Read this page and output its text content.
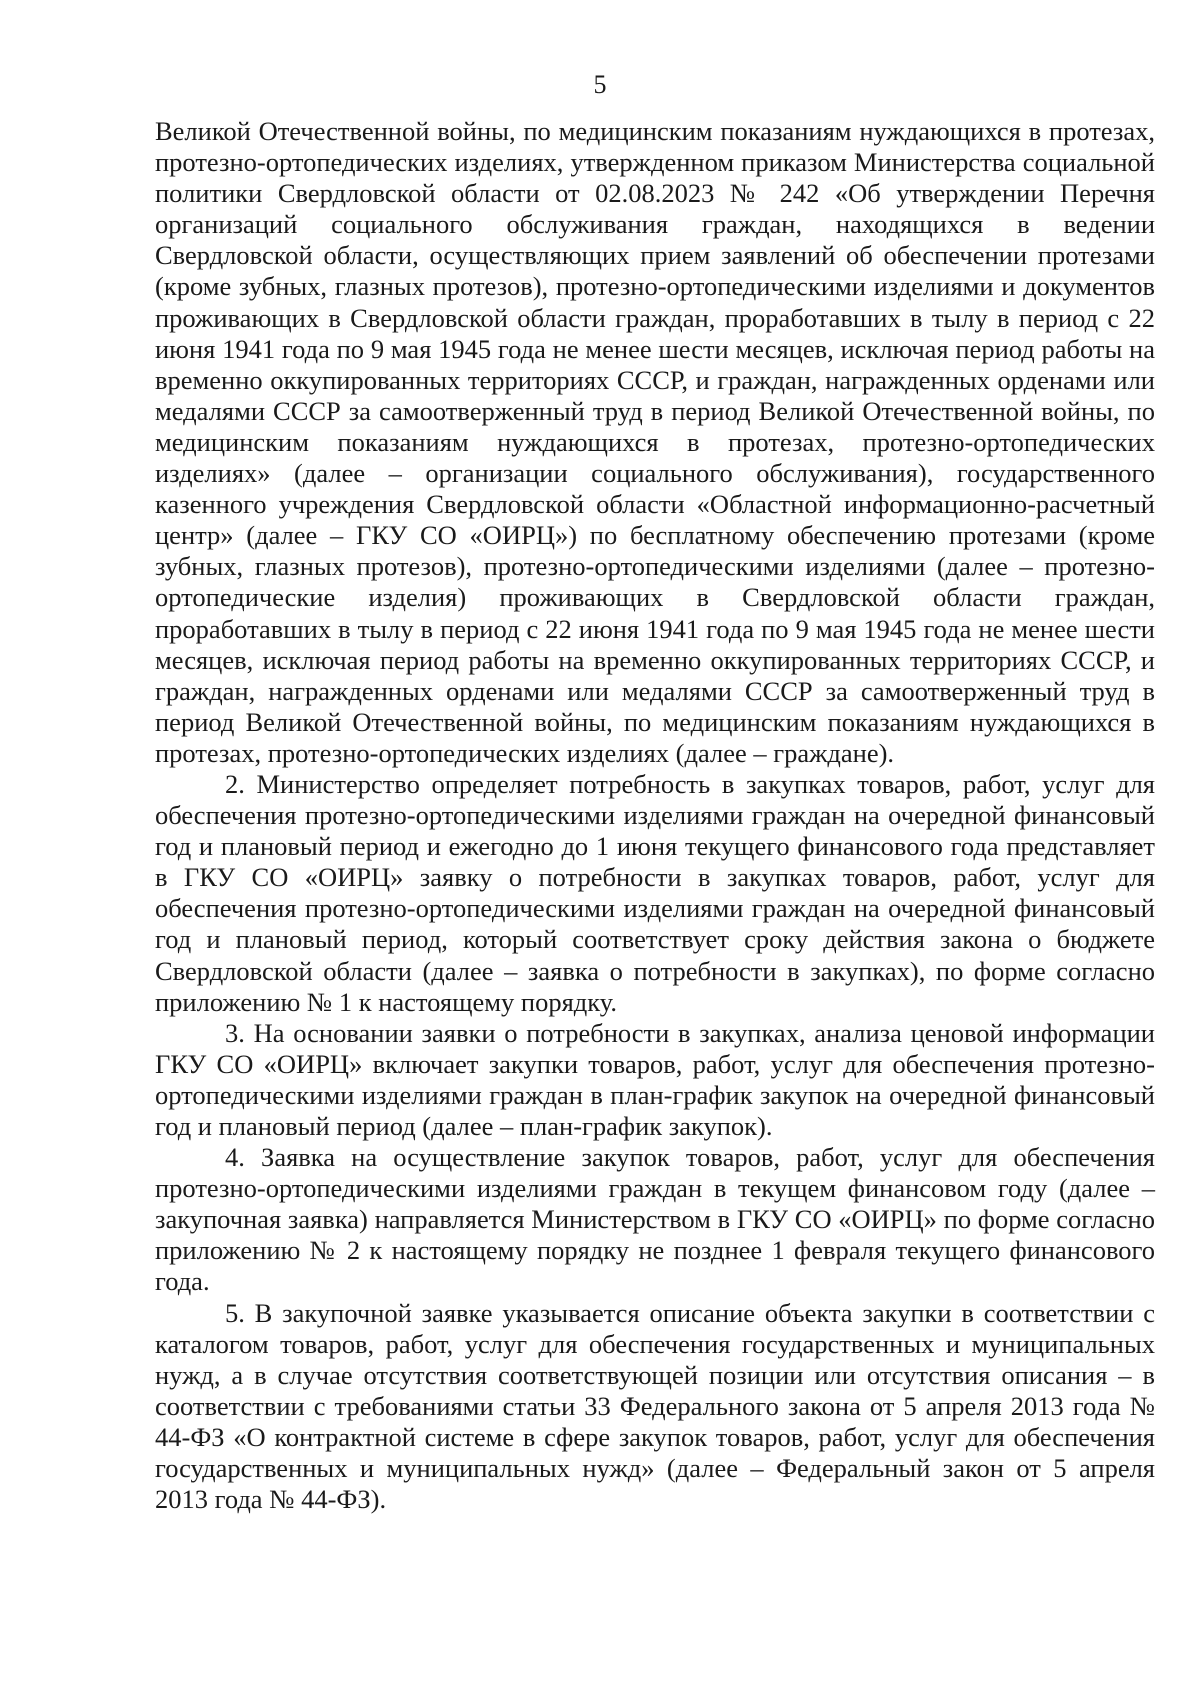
5

Великой Отечественной войны, по медицинским показаниям нуждающихся в протезах, протезно-ортопедических изделиях, утвержденном приказом Министерства социальной политики Свердловской области от 02.08.2023 № 242 «Об утверждении Перечня организаций социального обслуживания граждан, находящихся в ведении Свердловской области, осуществляющих прием заявлений об обеспечении протезами (кроме зубных, глазных протезов), протезно-ортопедическими изделиями и документов проживающих в Свердловской области граждан, проработавших в тылу в период с 22 июня 1941 года по 9 мая 1945 года не менее шести месяцев, исключая период работы на временно оккупированных территориях СССР, и граждан, награжденных орденами или медалями СССР за самоотверженный труд в период Великой Отечественной войны, по медицинским показаниям нуждающихся в протезах, протезно-ортопедических изделиях» (далее – организации социального обслуживания), государственного казенного учреждения Свердловской области «Областной информационно-расчетный центр» (далее – ГКУ СО «ОИРЦ») по бесплатному обеспечению протезами (кроме зубных, глазных протезов), протезно-ортопедическими изделиями (далее – протезно-ортопедические изделия) проживающих в Свердловской области граждан, проработавших в тылу в период с 22 июня 1941 года по 9 мая 1945 года не менее шести месяцев, исключая период работы на временно оккупированных территориях СССР, и граждан, награжденных орденами или медалями СССР за самоотверженный труд в период Великой Отечественной войны, по медицинским показаниям нуждающихся в протезах, протезно-ортопедических изделиях (далее – граждане).

2. Министерство определяет потребность в закупках товаров, работ, услуг для обеспечения протезно-ортопедическими изделиями граждан на очередной финансовый год и плановый период и ежегодно до 1 июня текущего финансового года представляет в ГКУ СО «ОИРЦ» заявку о потребности в закупках товаров, работ, услуг для обеспечения протезно-ортопедическими изделиями граждан на очередной финансовый год и плановый период, который соответствует сроку действия закона о бюджете Свердловской области (далее – заявка о потребности в закупках), по форме согласно приложению № 1 к настоящему порядку.

3. На основании заявки о потребности в закупках, анализа ценовой информации ГКУ СО «ОИРЦ» включает закупки товаров, работ, услуг для обеспечения протезно-ортопедическими изделиями граждан в план-график закупок на очередной финансовый год и плановый период (далее – план-график закупок).

4. Заявка на осуществление закупок товаров, работ, услуг для обеспечения протезно-ортопедическими изделиями граждан в текущем финансовом году (далее – закупочная заявка) направляется Министерством в ГКУ СО «ОИРЦ» по форме согласно приложению № 2 к настоящему порядку не позднее 1 февраля текущего финансового года.

5. В закупочной заявке указывается описание объекта закупки в соответствии с каталогом товаров, работ, услуг для обеспечения государственных и муниципальных нужд, а в случае отсутствия соответствующей позиции или отсутствия описания – в соответствии с требованиями статьи 33 Федерального закона от 5 апреля 2013 года № 44-ФЗ «О контрактной системе в сфере закупок товаров, работ, услуг для обеспечения государственных и муниципальных нужд» (далее – Федеральный закон от 5 апреля 2013 года № 44-ФЗ).
